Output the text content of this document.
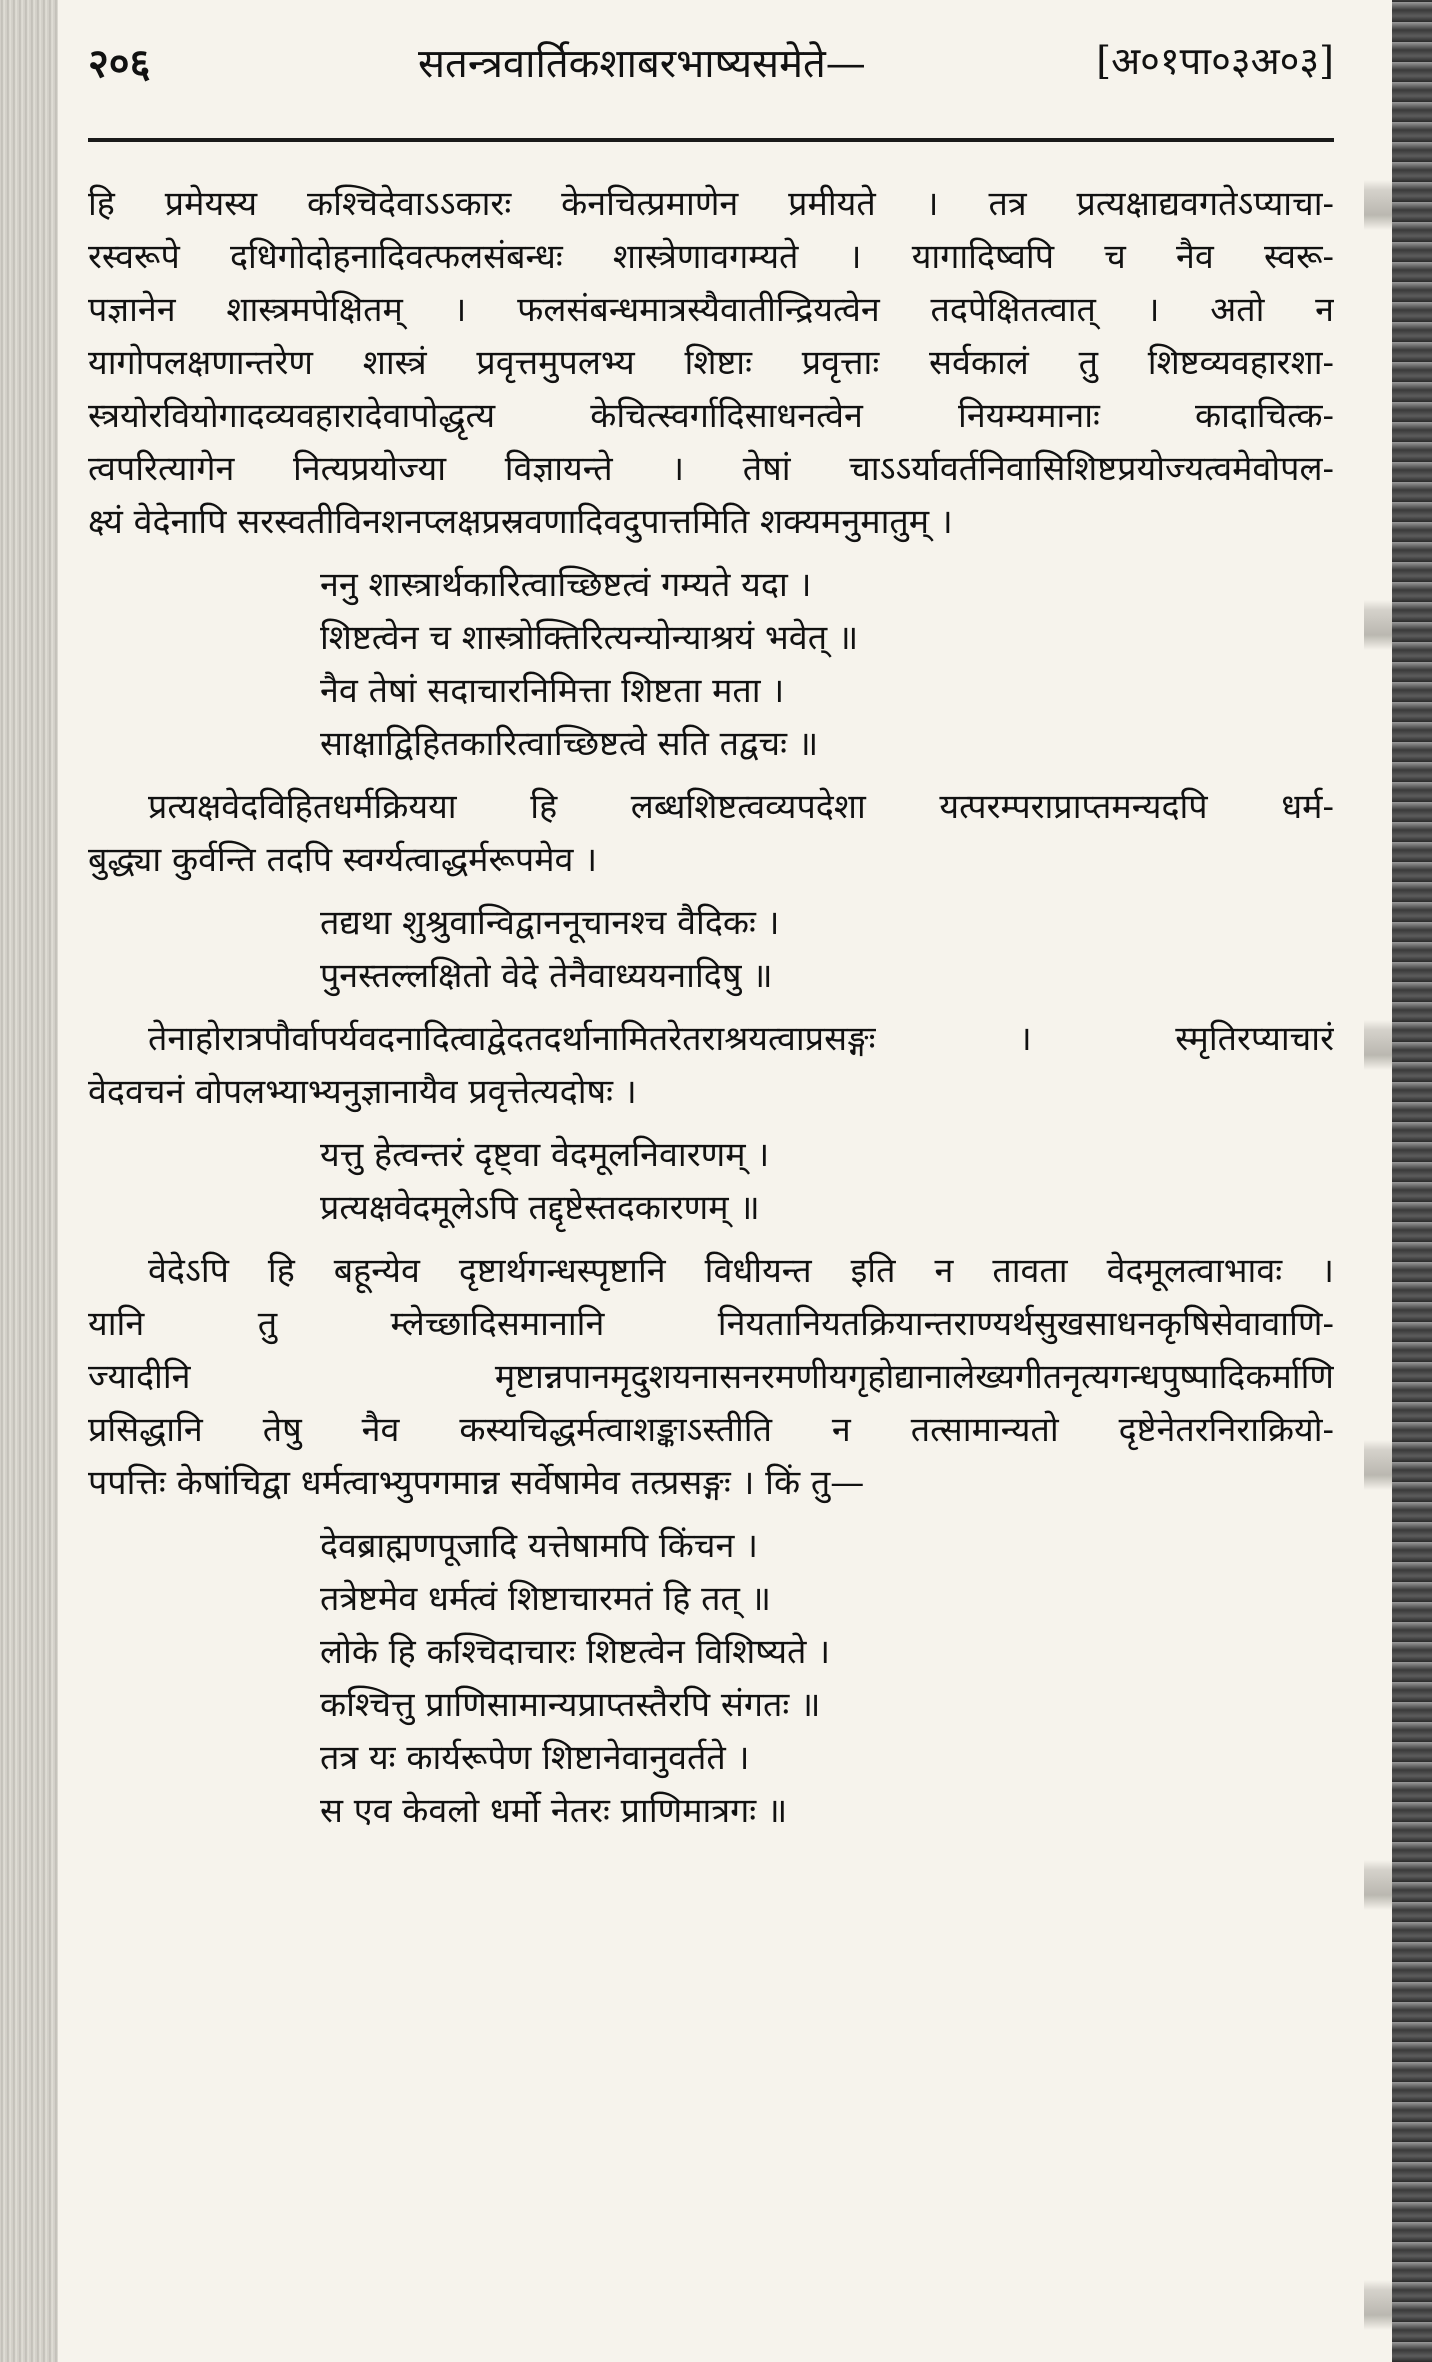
२०६	सतन्त्रवार्तिकशाबरभाष्यसमेते—	[अ०१पा०३अ०३]
हि प्रमेयस्य कश्चिदेवाऽऽकारः केनचित्प्रमाणेन प्रमीयते । तत्र प्रत्यक्षाद्यवगतेऽप्याचा-
रस्वरूपे दधिगोदोहनादिवत्फलसंबन्धः शास्त्रेणावगम्यते । यागादिष्वपि च नैव स्वरू-
पज्ञानेन शास्त्रमपेक्षितम् । फलसंबन्धमात्रस्यैवातीन्द्रियत्वेन तदपेक्षितत्वात् । अतो न
यागोपलक्षणान्तरेण शास्त्रं प्रवृत्तमुपलभ्य शिष्टाः प्रवृत्ताः सर्वकालं तु शिष्टव्यवहारशा-
स्त्रयोरवियोगादव्यवहारादेवापोद्धृत्य केचित्स्वर्गादिसाधनत्वेन नियम्यमानाः कादाचित्क-
त्वपरित्यागेन नित्यप्रयोज्या विज्ञायन्ते । तेषां चाऽऽर्यावर्तनिवासिशिष्टप्रयोज्यत्वमेवोपल-
क्ष्यं वेदेनापि सरस्वतीविनशनप्लक्षप्रस्रवणादिवदुपात्तमिति शक्यमनुमातुम् ।
ननु शास्त्रार्थकारित्वाच्छिष्टत्वं गम्यते यदा ।
शिष्टत्वेन च शास्त्रोक्तिरित्यन्योन्याश्रयं भवेत् ॥
नैव तेषां सदाचारनिमित्ता शिष्टता मता ।
साक्षाद्विहितकारित्वाच्छिष्टत्वे सति तद्वचः ॥
प्रत्यक्षवेदविहितधर्मक्रियया हि लब्धशिष्टत्वव्यपदेशा यत्परम्पराप्राप्तमन्यदपि धर्म-
बुद्ध्या कुर्वन्ति तदपि स्वर्ग्यत्वाद्धर्मरूपमेव ।
तद्यथा शुश्रुवान्विद्वाननूचानश्च वैदिकः ।
पुनस्तल्लक्षितो वेदे तेनैवाध्ययनादिषु ॥
तेनाहोरात्रपौर्वापर्यवदनादित्वाद्वेदतदर्थानामितरेतराश्रयत्वाप्रसङ्गः । स्मृतिरप्याचारं
वेदवचनं वोपलभ्याभ्यनुज्ञानायैव प्रवृत्तेत्यदोषः ।
यत्तु हेत्वन्तरं दृष्ट्वा वेदमूलनिवारणम् ।
प्रत्यक्षवेदमूलेऽपि तद्दृष्टेस्तदकारणम् ॥
वेदेऽपि हि बहून्येव दृष्टार्थगन्धस्पृष्टानि विधीयन्त इति न तावता वेदमूलत्वाभावः ।
यानि तु म्लेच्छादिसमानानि नियतानियतक्रियान्तराण्यर्थसुखसाधनकृषिसेवावाणि-
ज्यादीनि मृष्टान्नपानमृदुशयनासनरमणीयगृहोद्यानालेख्यगीतनृत्यगन्धपुष्पादिकर्माणि
प्रसिद्धानि तेषु नैव कस्यचिद्धर्मत्वाशङ्काऽस्तीति न तत्सामान्यतो दृष्टेनेतरनिराक्रियो-
पपत्तिः केषांचिद्वा धर्मत्वाभ्युपगमान्न सर्वेषामेव तत्प्रसङ्गः । किं तु—
देवब्राह्मणपूजादि यत्तेषामपि किंचन ।
तत्रेष्टमेव धर्मत्वं शिष्टाचारमतं हि तत् ॥
लोके हि कश्चिदाचारः शिष्टत्वेन विशिष्यते ।
कश्चित्तु प्राणिसामान्यप्राप्तस्तैरपि संगतः ॥
तत्र यः कार्यरूपेण शिष्टानेवानुवर्तते ।
स एव केवलो धर्मो नेतरः प्राणिमात्रगः ॥
